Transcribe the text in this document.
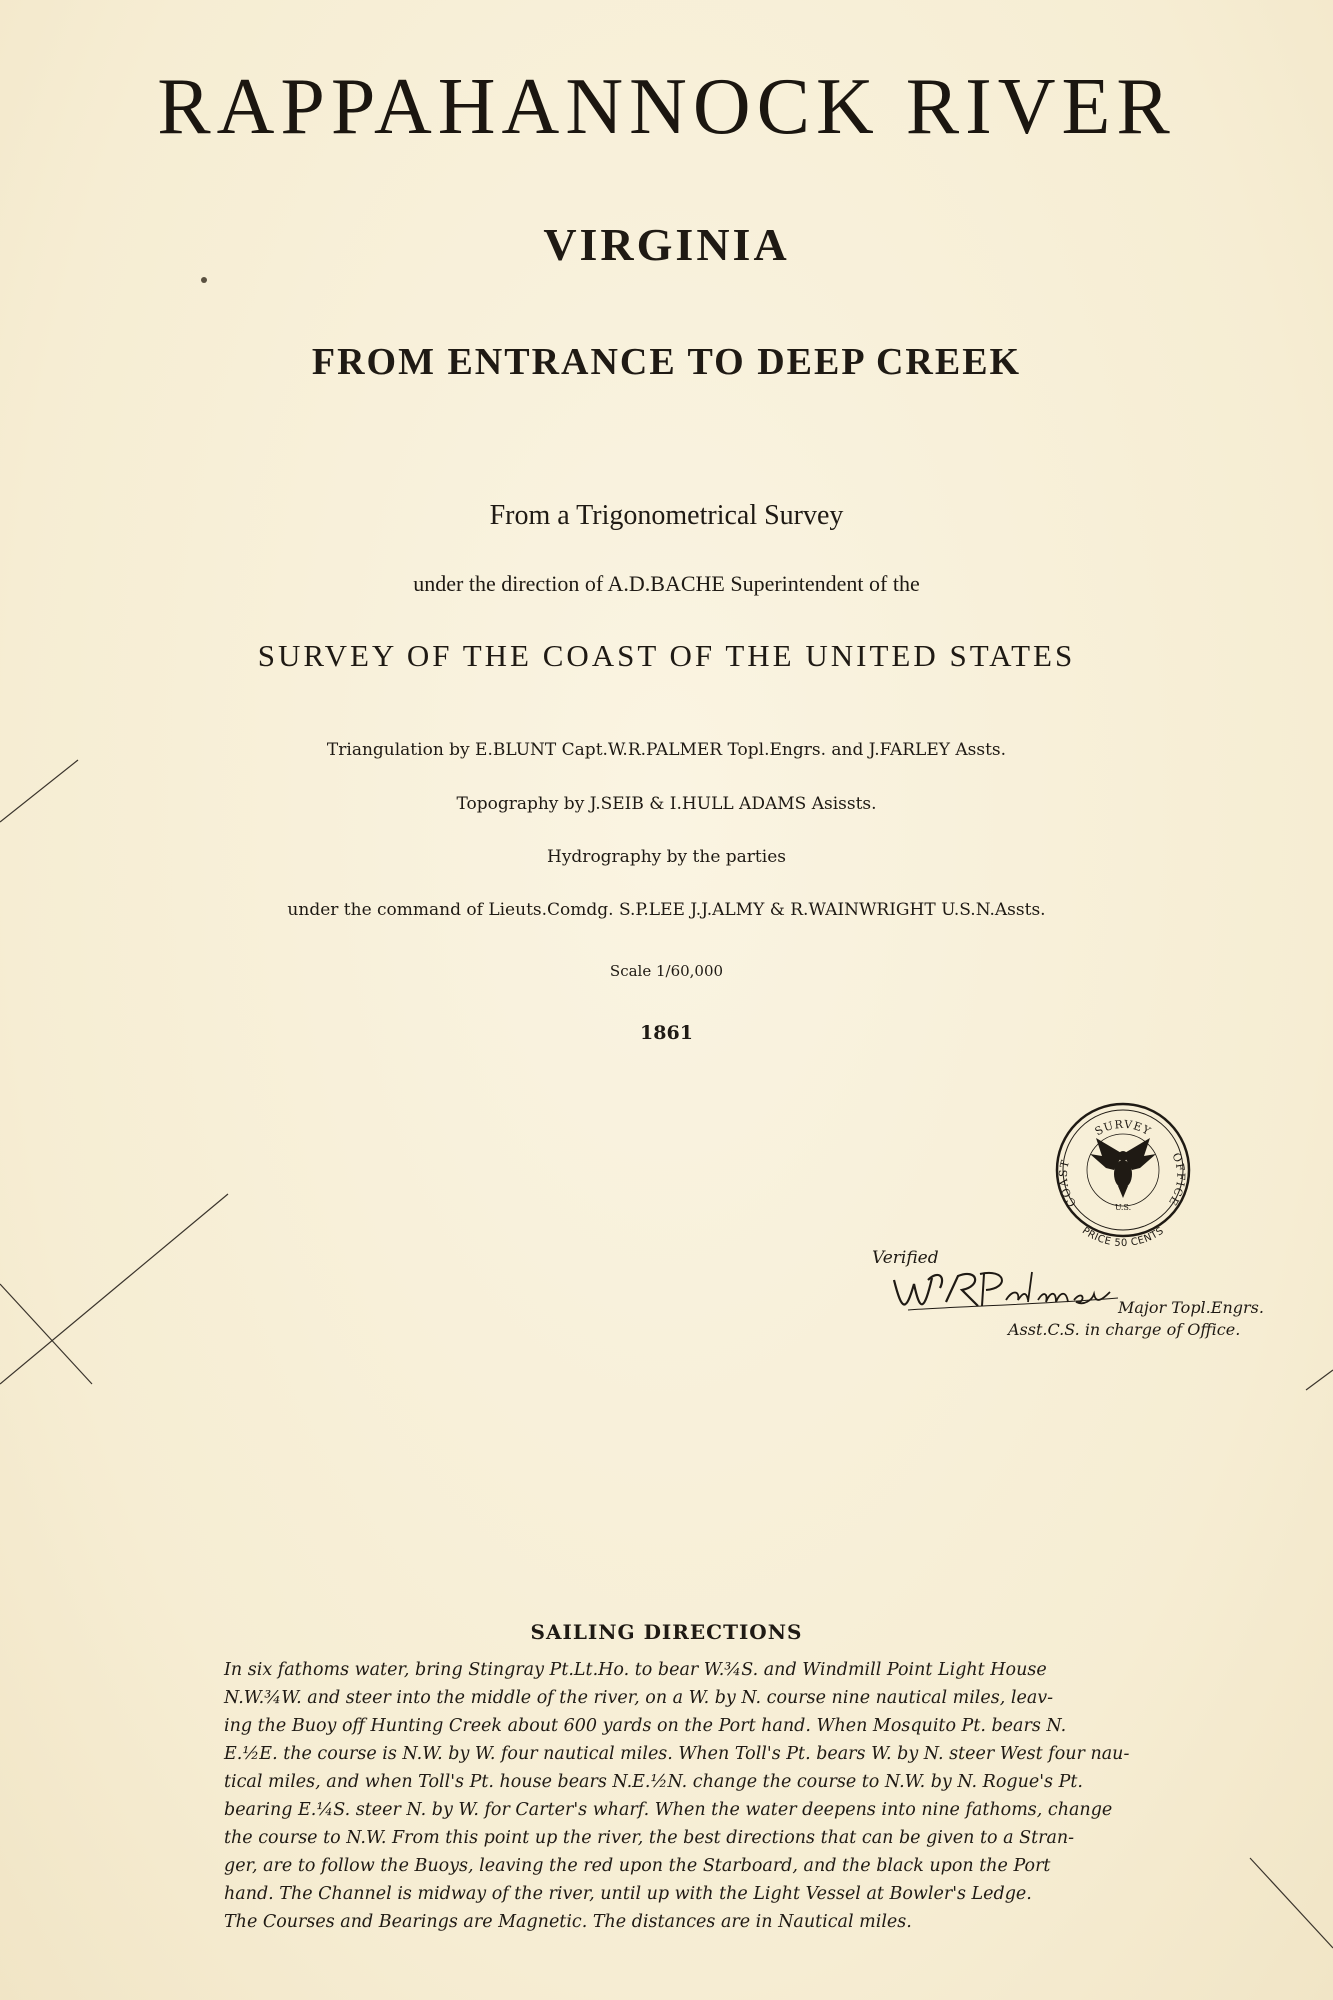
RAPPAHANNOCK RIVER
VIRGINIA
FROM ENTRANCE TO DEEP CREEK
From a Trigonometrical Survey
under the direction of A.D.BACHE Superintendent of the
SURVEY OF THE COAST OF THE UNITED STATES
Triangulation by E.BLUNT Capt.W.R.PALMER Topl.Engrs. and J.FARLEY Assts.
Topography by J.SEIB & I.HULL ADAMS Asissts.
Hydrography by the parties
under the command of Lieuts.Comdg. S.P.LEE J.J.ALMY & R.WAINWRIGHT U.S.N.Assts.
Scale 1/60,000
1861
SURVEY
COAST	OFFICE
U.S.
PRICE 50 CENTS
Verified
Major Topl.Engrs.
Asst.C.S. in charge of Office.
SAILING DIRECTIONS
In six fathoms water, bring Stingray Pt.Lt.Ho. to bear W.¾S. and Windmill Point Light House
N.W.¾W. and steer into the middle of the river, on a W. by N. course nine nautical miles, leav-
ing the Buoy off Hunting Creek about 600 yards on the Port hand. When Mosquito Pt. bears N.
E.½E. the course is N.W. by W. four nautical miles. When Toll's Pt. bears W. by N. steer West four nau-
tical miles, and when Toll's Pt. house bears N.E.½N. change the course to N.W. by N. Rogue's Pt.
bearing E.¼S. steer N. by W. for Carter's wharf. When the water deepens into nine fathoms, change
the course to N.W. From this point up the river, the best directions that can be given to a Stran-
ger, are to follow the Buoys, leaving the red upon the Starboard, and the black upon the Port
hand. The Channel is midway of the river, until up with the Light Vessel at Bowler's Ledge.
The Courses and Bearings are Magnetic. The distances are in Nautical miles.
